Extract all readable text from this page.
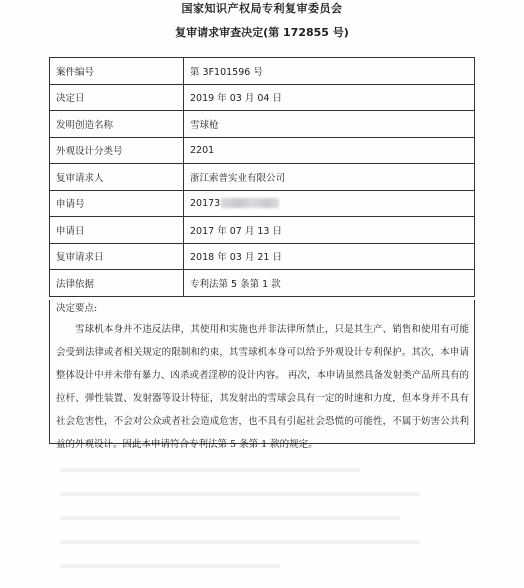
国家知识产权局专利复审委员会
复审请求审查决定(第 172855 号)
案件编号	第 3F101596 号
决定日	2019 年 03 月 04 日
发明创造名称	雪球枪
外观设计分类号	2201
复审请求人	浙江索普实业有限公司
申请号	20173
申请日	2017 年 07 月 13 日
复审请求日	2018 年 03 月 21 日
法律依据	专利法第 5 条第 1 款
决定要点:

雪球机本身并不违反法律，其使用和实施也并非法律所禁止，只是其生产、销售和使用有可能会受到法律或者相关规定的限制和约束，其雪球机本身可以给予外观设计专利保护。其次，本申请整体设计中并未带有暴力、凶杀或者淫秽的设计内容。 再次，本申请虽然具备发射类产品所具有的拉杆、弹性装置、发射器等设计特征，其发射出的雪球会具有一定的时速和力度，但本身并不具有社会危害性，不会对公众或者社会造成危害，也不具有引起社会恐慌的可能性，不属于妨害公共利益的外观设计。因此本申请符合专利法第 5 条第 1 款的规定。
